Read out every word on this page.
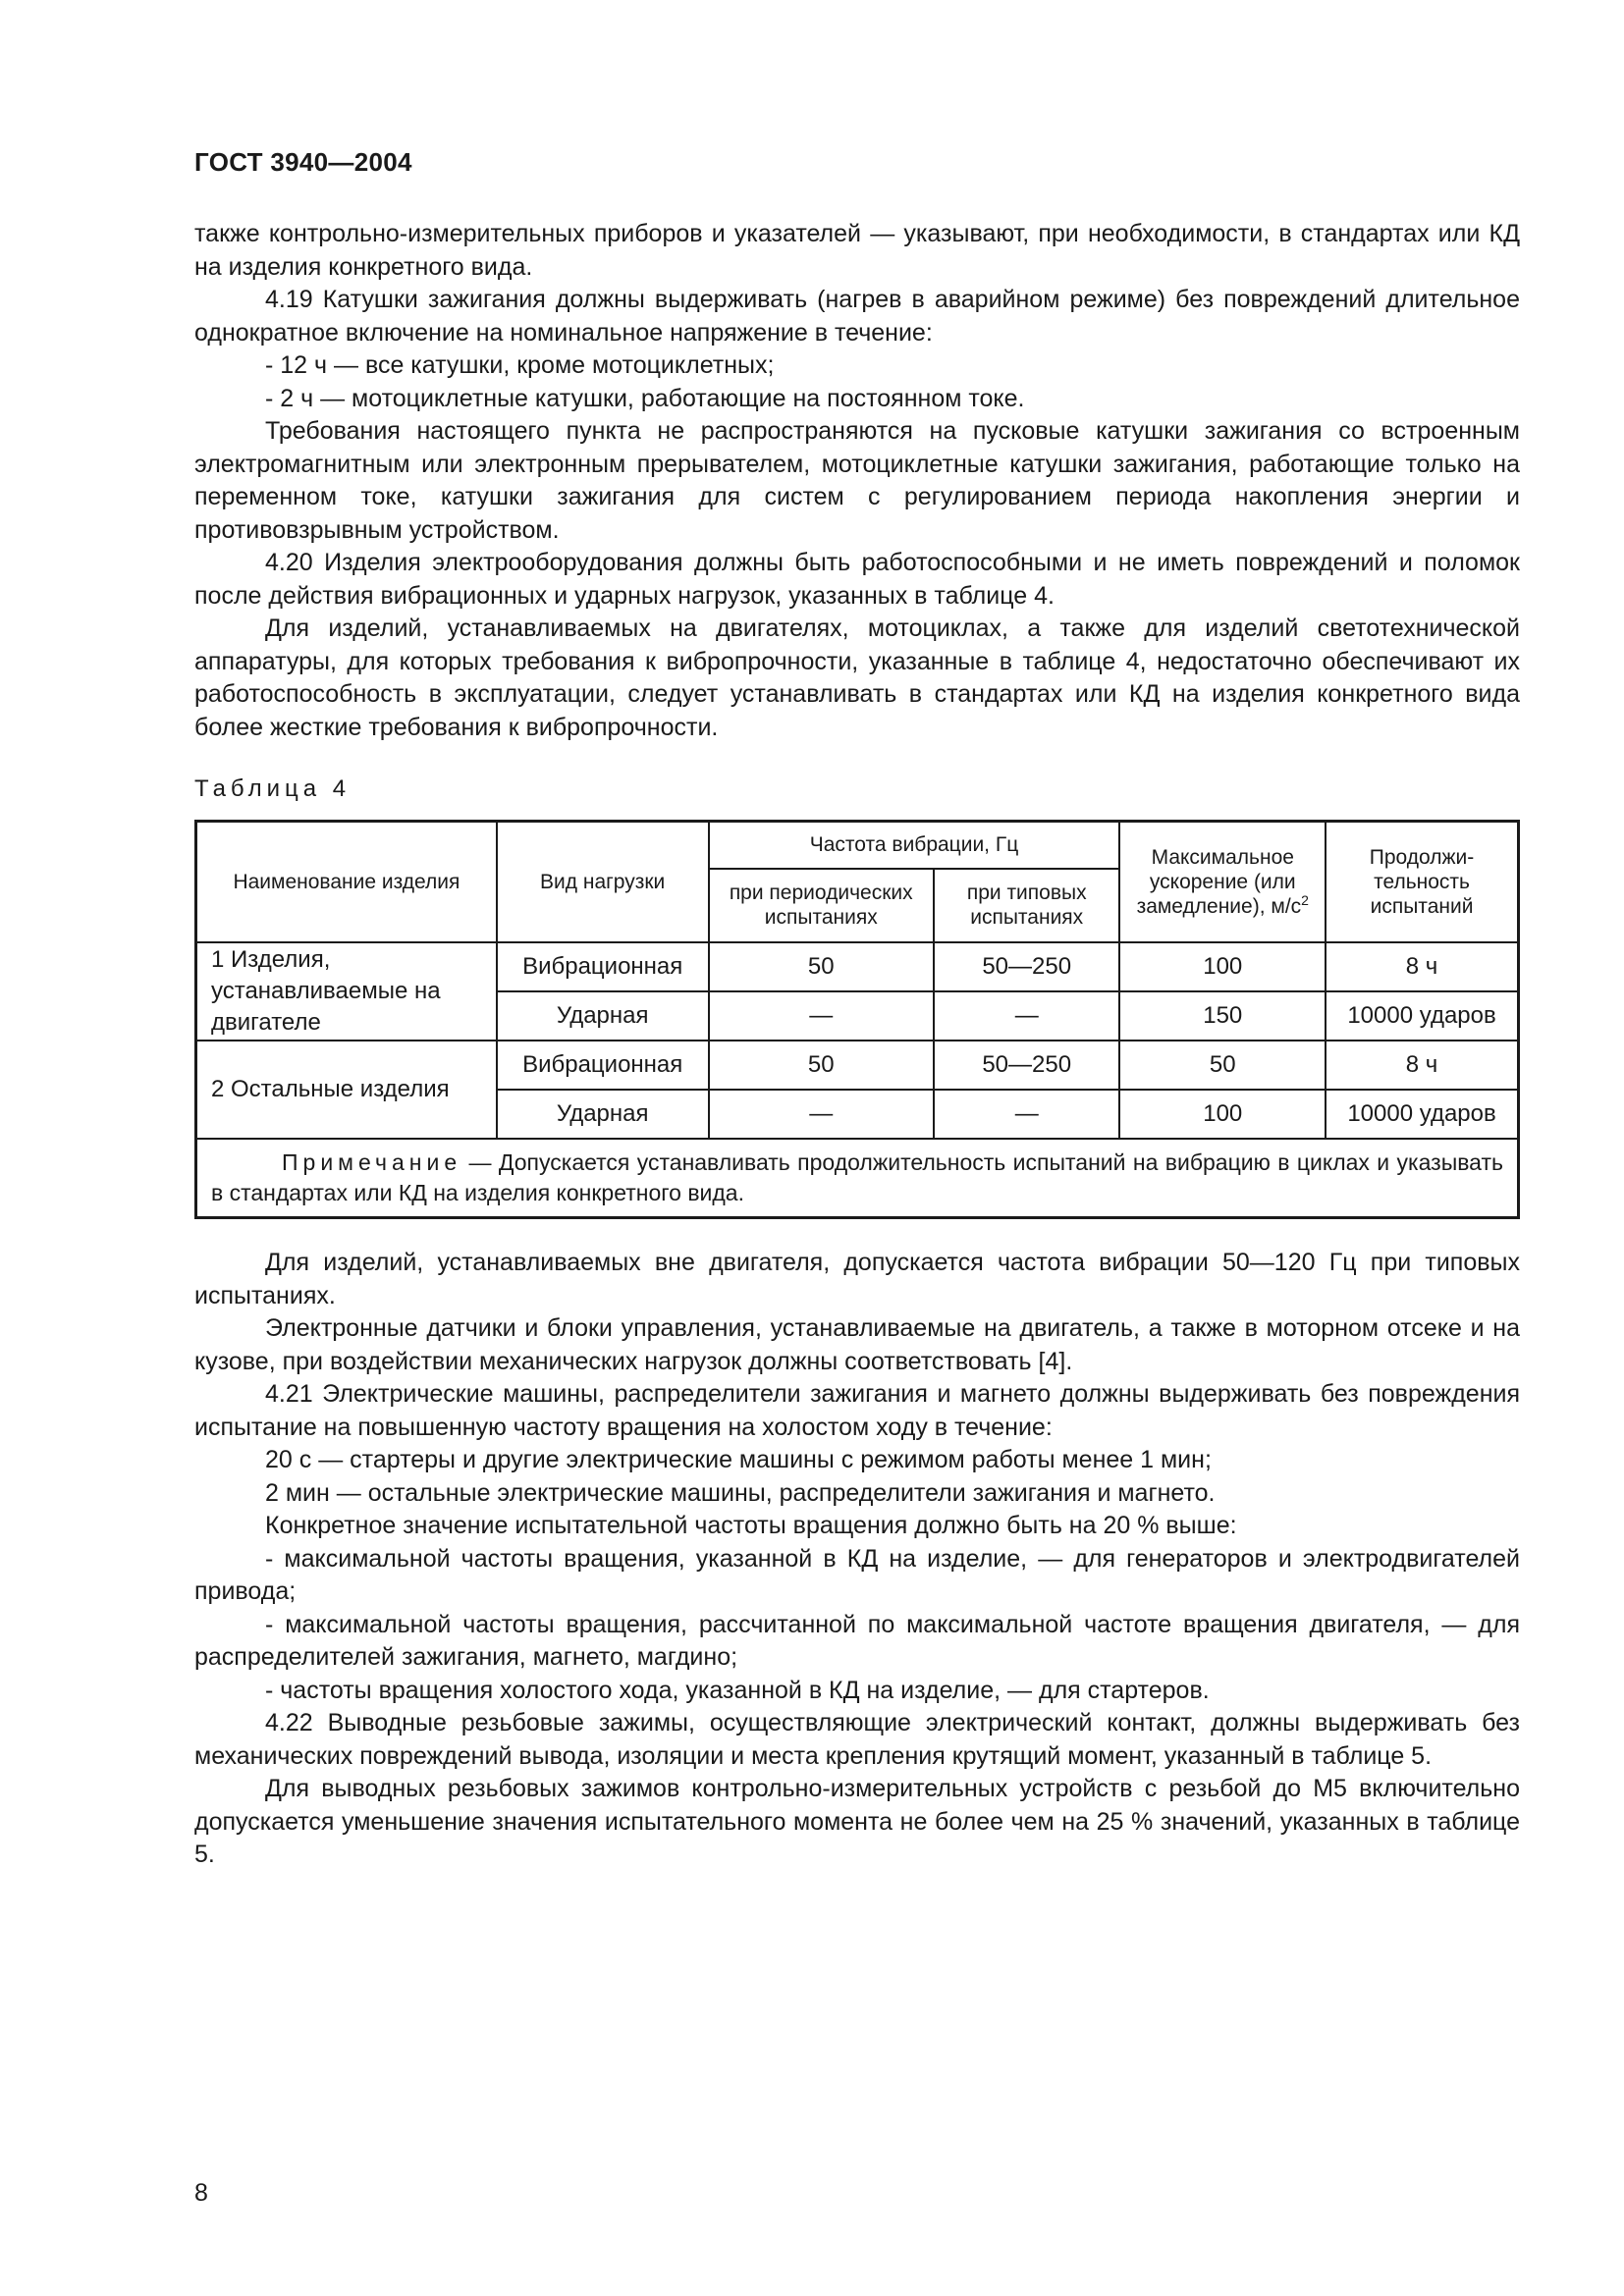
ГОСТ 3940—2004

также контрольно-измерительных приборов и указателей — указывают, при необходимости, в стандартах или КД на изделия конкретного вида.

4.19 Катушки зажигания должны выдерживать (нагрев в аварийном режиме) без повреждений длительное однократное включение на номинальное напряжение в течение:

- 12 ч — все катушки, кроме мотоциклетных;

- 2 ч — мотоциклетные катушки, работающие на постоянном токе.

Требования настоящего пункта не распространяются на пусковые катушки зажигания со встроенным электромагнитным или электронным прерывателем, мотоциклетные катушки зажигания, работающие только на переменном токе, катушки зажигания для систем с регулированием периода накопления энергии и противовзрывным устройством.

4.20 Изделия электрооборудования должны быть работоспособными и не иметь повреждений и поломок после действия вибрационных и ударных нагрузок, указанных в таблице 4.

Для изделий, устанавливаемых на двигателях, мотоциклах, а также для изделий светотехнической аппаратуры, для которых требования к вибропрочности, указанные в таблице 4, недостаточно обеспечивают их работоспособность в эксплуатации, следует устанавливать в стандартах или КД на изделия конкретного вида более жесткие требования к вибропрочности.

Таблица 4
Наименование изделия	Вид нагрузки	Частота вибрации, Гц		Максимальное ускорение (или замедление), $м/с^2$	Продолжи-тельность испытаний
		при периодических испытаниях	при типовых испытаниях		
1 Изделия, устанавливаемые на двигателе	Вибрационная	50	50—250	100	8 ч
	Ударная	—	—	150	10000 ударов
2 Остальные изделия	Вибрационная	50	50—250	50	8 ч
	Ударная	—	—	100	10000 ударов
Примечание — Допускается устанавливать продолжительность испытаний на вибрацию в циклах и указывать в стандартах или КД на изделия конкретного вида.					

Для изделий, устанавливаемых вне двигателя, допускается частота вибрации 50—120 Гц при типовых испытаниях.

Электронные датчики и блоки управления, устанавливаемые на двигатель, а также в моторном отсеке и на кузове, при воздействии механических нагрузок должны соответствовать [4].

4.21 Электрические машины, распределители зажигания и магнето должны выдерживать без повреждения испытание на повышенную частоту вращения на холостом ходу в течение:

20 с — стартеры и другие электрические машины с режимом работы менее 1 мин;

2 мин — остальные электрические машины, распределители зажигания и магнето.

Конкретное значение испытательной частоты вращения должно быть на 20 % выше:

- максимальной частоты вращения, указанной в КД на изделие, — для генераторов и электродвигателей привода;

- максимальной частоты вращения, рассчитанной по максимальной частоте вращения двигателя, — для распределителей зажигания, магнето, магдино;

- частоты вращения холостого хода, указанной в КД на изделие, — для стартеров.

4.22 Выводные резьбовые зажимы, осуществляющие электрический контакт, должны выдерживать без механических повреждений вывода, изоляции и места крепления крутящий момент, указанный в таблице 5.

Для выводных резьбовых зажимов контрольно-измерительных устройств с резьбой до М5 включительно допускается уменьшение значения испытательного момента не более чем на 25 % значений, указанных в таблице 5.

8
